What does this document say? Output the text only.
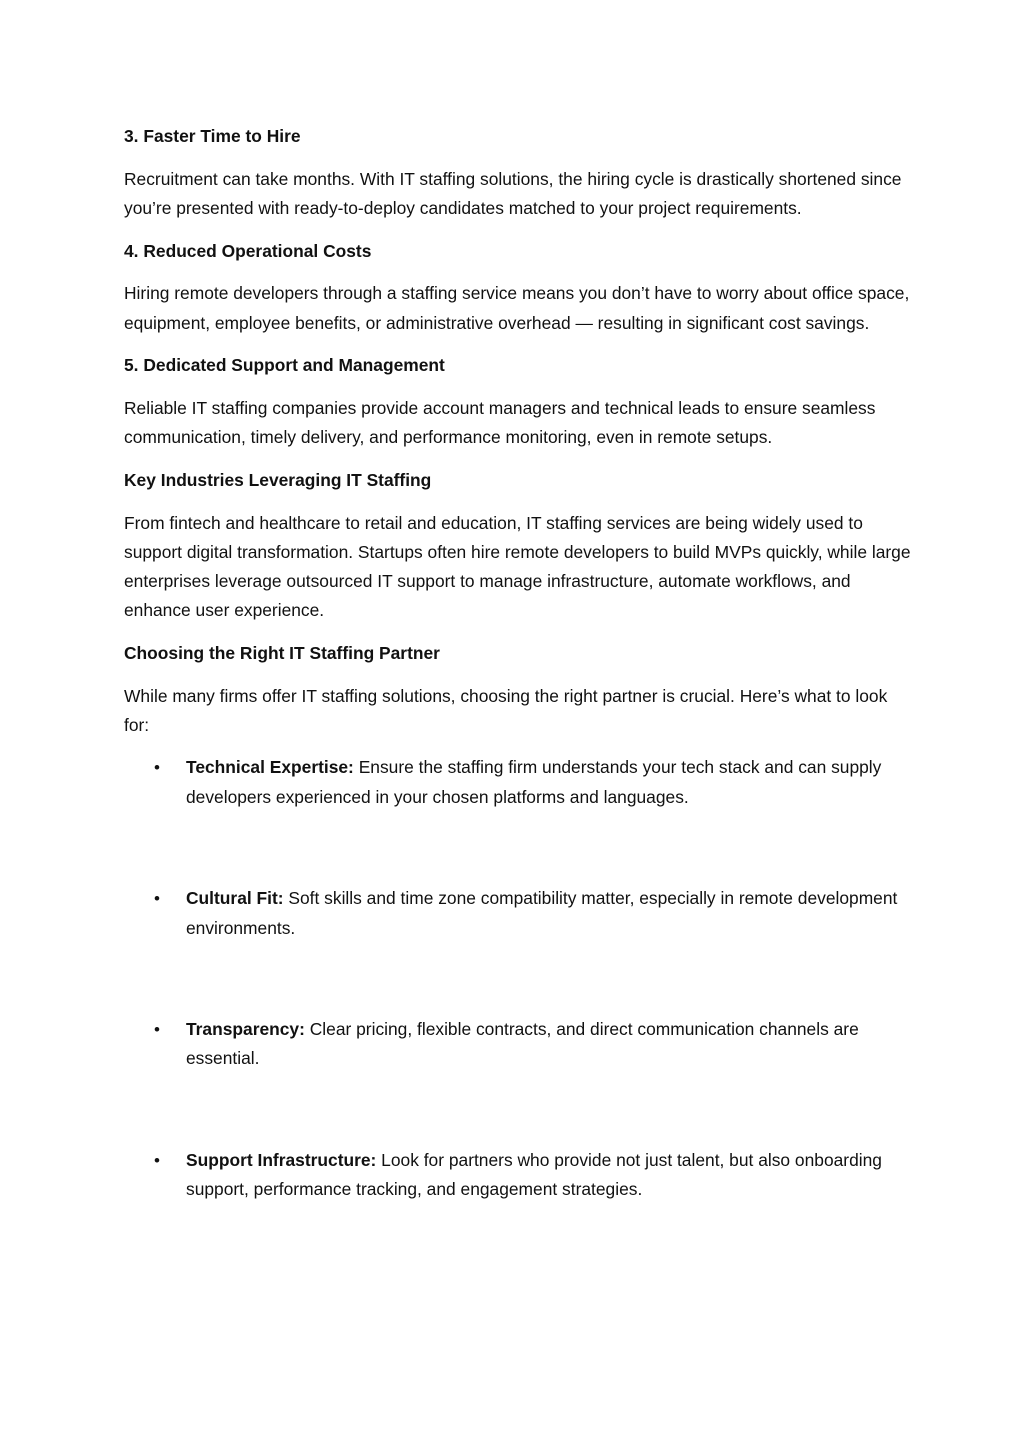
3. Faster Time to Hire
Recruitment can take months. With IT staffing solutions, the hiring cycle is drastically shortened since you’re presented with ready-to-deploy candidates matched to your project requirements.
4. Reduced Operational Costs
Hiring remote developers through a staffing service means you don’t have to worry about office space, equipment, employee benefits, or administrative overhead — resulting in significant cost savings.
5. Dedicated Support and Management
Reliable IT staffing companies provide account managers and technical leads to ensure seamless communication, timely delivery, and performance monitoring, even in remote setups.
Key Industries Leveraging IT Staffing
From fintech and healthcare to retail and education, IT staffing services are being widely used to support digital transformation. Startups often hire remote developers to build MVPs quickly, while large enterprises leverage outsourced IT support to manage infrastructure, automate workflows, and enhance user experience.
Choosing the Right IT Staffing Partner
While many firms offer IT staffing solutions, choosing the right partner is crucial. Here’s what to look for:
• Technical Expertise: Ensure the staffing firm understands your tech stack and can supply developers experienced in your chosen platforms and languages.
• Cultural Fit: Soft skills and time zone compatibility matter, especially in remote development environments.
• Transparency: Clear pricing, flexible contracts, and direct communication channels are essential.
• Support Infrastructure: Look for partners who provide not just talent, but also onboarding support, performance tracking, and engagement strategies.
